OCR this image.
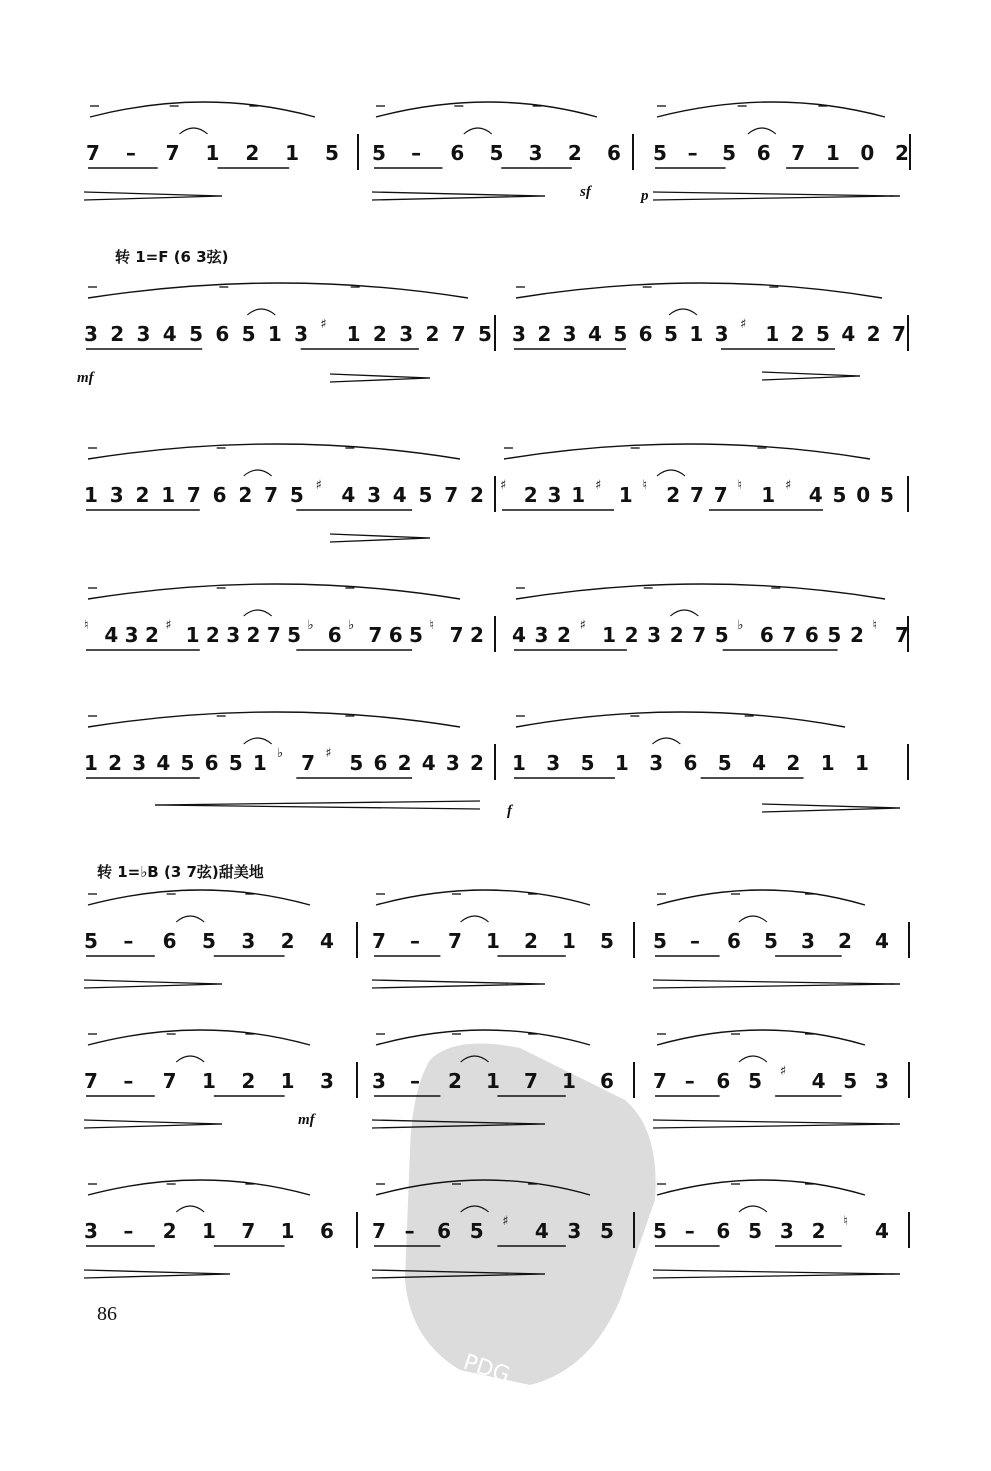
PDG
7 – 7 1 2 1 5 5 – 6 5 3 2 6 5 – 5 6 7 1 0 2
3 2 3 4 5 6 5 1 3 ♯ 1 2 3 2 7 5 3 2 3 4 5 6 5 1 3 ♯ 1 2 5 4 2 7
1 3 2 1 7 6 2 7 5 ♯ 4 3 4 5 7 2 ♯ 2 3 1 ♯ 1 ♮ 2 7 7 ♮ 1 ♯ 4 5 0 5
♮ 4 3 2 ♯ 1 2 3 2 7 5 ♭ 6 ♭ 7 6 5 ♮ 7 2 4 3 2 ♯ 1 2 3 2 7 5 ♭ 6 7 6 5 2 ♮ 7
1 2 3 4 5 6 5 1 ♭ 7 ♯ 5 6 2 4 3 2 1 3 5 1 3 6 5 4 2 1 1
5 – 6 5 3 2 4 7 – 7 1 2 1 5 5 – 6 5 3 2 4
7 – 7 1 2 1 3 3 – 2 1 7 1 6 7 – 6 5 ♯ 4 5 3
3 – 2 1 7 1 6 7 – 6 5 ♯ 4 3 5 5 – 6 5 3 2 ♮ 4
转 1=F (6 3弦)
转 1=♭B (3 7弦)甜美地
sf	p
mf
f
mf
86
